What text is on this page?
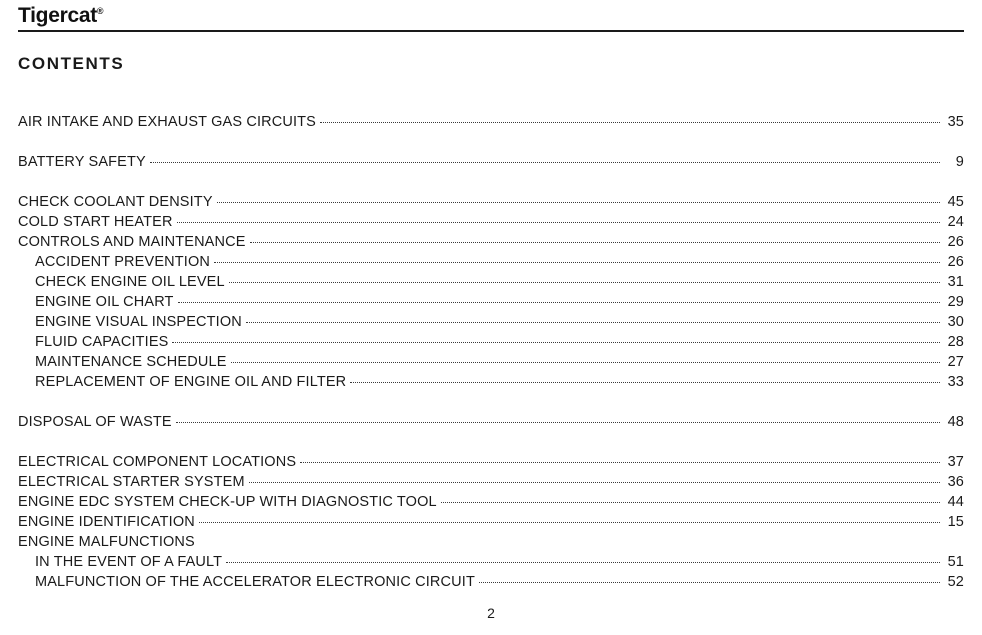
Tigercat®
CONTENTS
AIR INTAKE AND EXHAUST GAS CIRCUITS	35
BATTERY SAFETY	9
CHECK COOLANT DENSITY	45
COLD START HEATER	24
CONTROLS AND MAINTENANCE	26
ACCIDENT PREVENTION	26
CHECK ENGINE OIL LEVEL	31
ENGINE OIL CHART	29
ENGINE VISUAL INSPECTION	30
FLUID CAPACITIES	28
MAINTENANCE SCHEDULE	27
REPLACEMENT OF ENGINE OIL AND FILTER	33
DISPOSAL OF WASTE	48
ELECTRICAL COMPONENT LOCATIONS	37
ELECTRICAL STARTER SYSTEM	36
ENGINE EDC SYSTEM CHECK-UP WITH DIAGNOSTIC TOOL	44
ENGINE IDENTIFICATION	15
ENGINE MALFUNCTIONS
IN THE EVENT OF A FAULT	51
MALFUNCTION OF THE ACCELERATOR ELECTRONIC CIRCUIT	52
2
